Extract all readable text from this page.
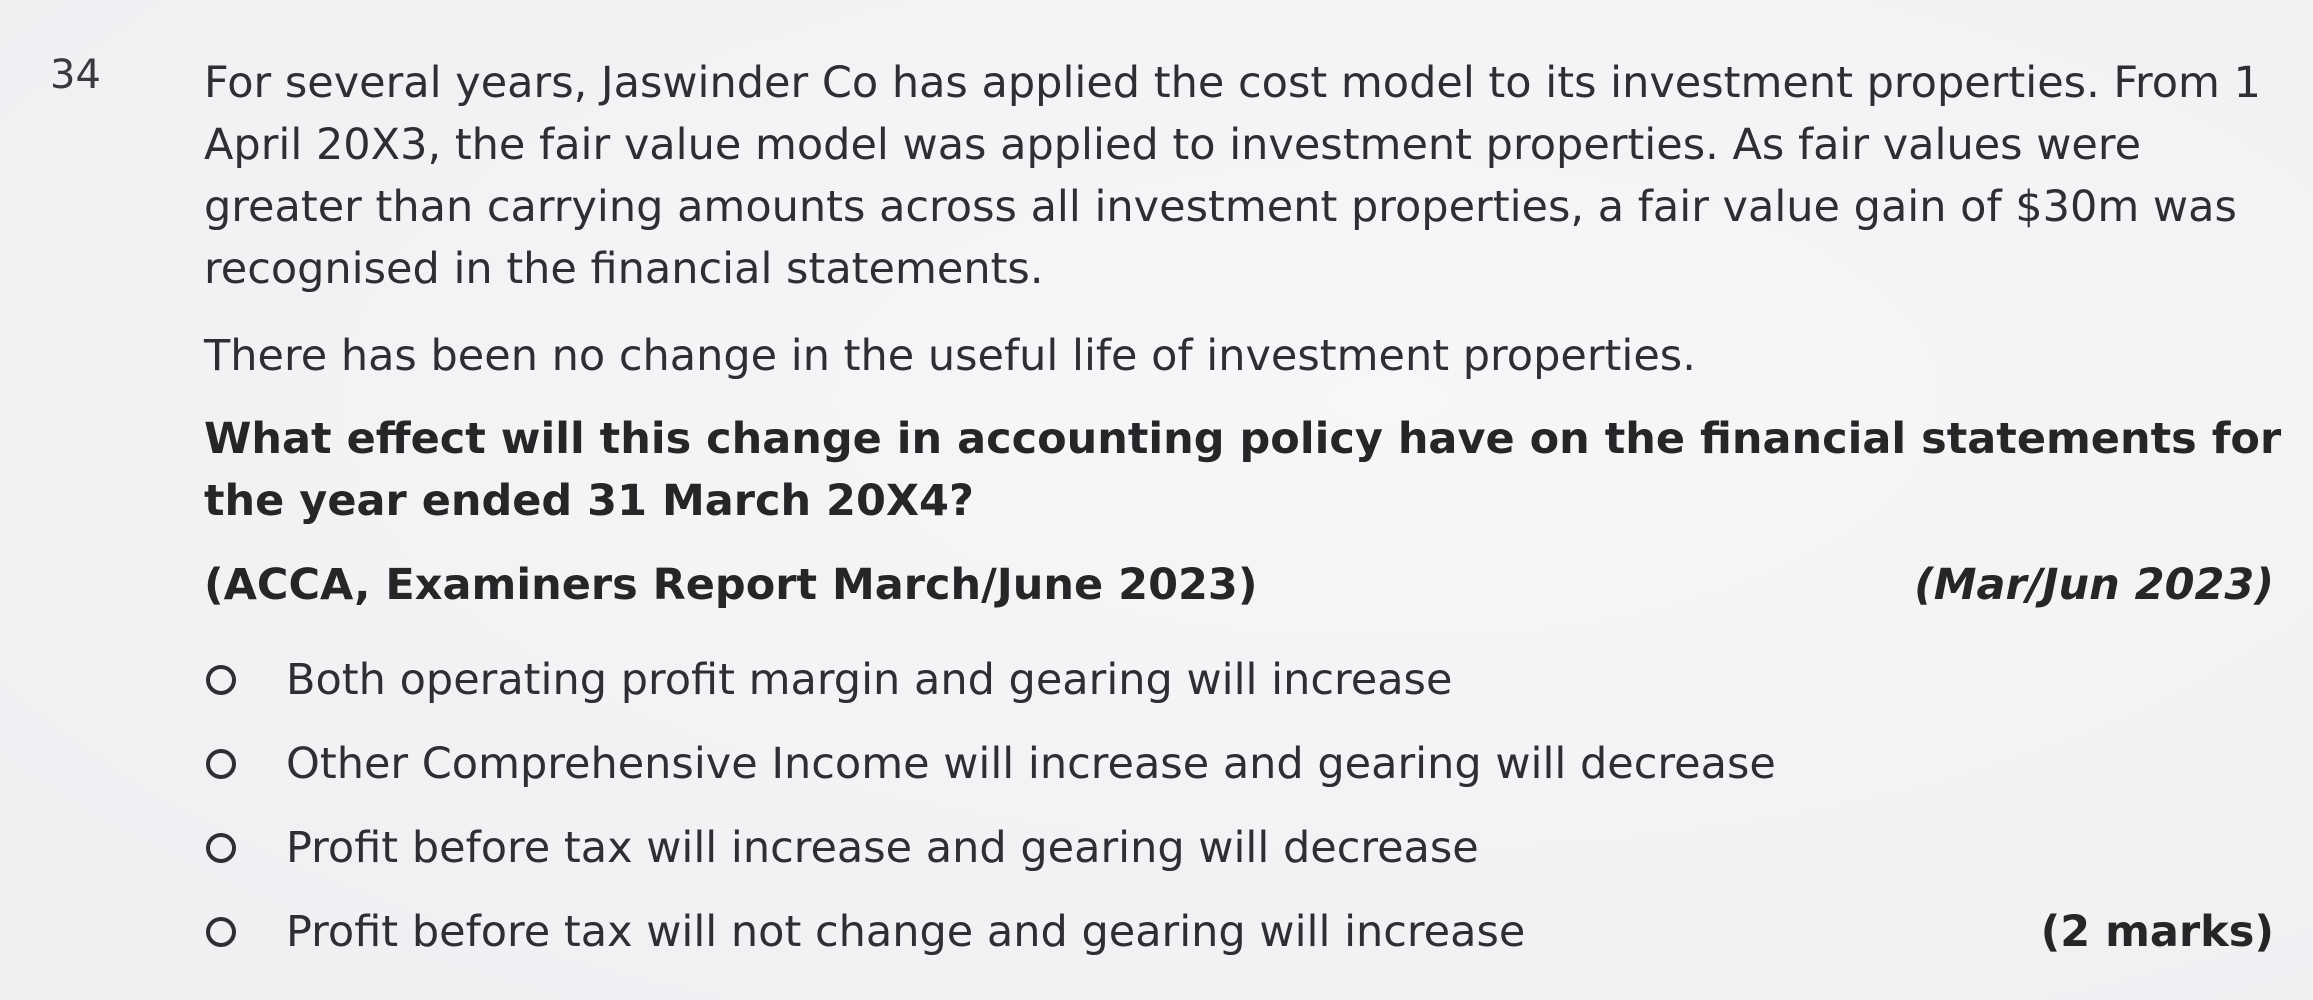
34 For several years, Jaswinder Co has applied the cost model to its investment properties. From 1 April 20X3, the fair value model was applied to investment properties. As fair values were greater than carrying amounts across all investment properties, a fair value gain of $30m was recognised in the financial statements.
There has been no change in the useful life of investment properties.
What effect will this change in accounting policy have on the financial statements for the year ended 31 March 20X4?
(ACCA, Examiners Report March/June 2023)	(Mar/Jun 2023)
Both operating profit margin and gearing will increase
Other Comprehensive Income will increase and gearing will decrease
Profit before tax will increase and gearing will decrease
Profit before tax will not change and gearing will increase	(2 marks)
